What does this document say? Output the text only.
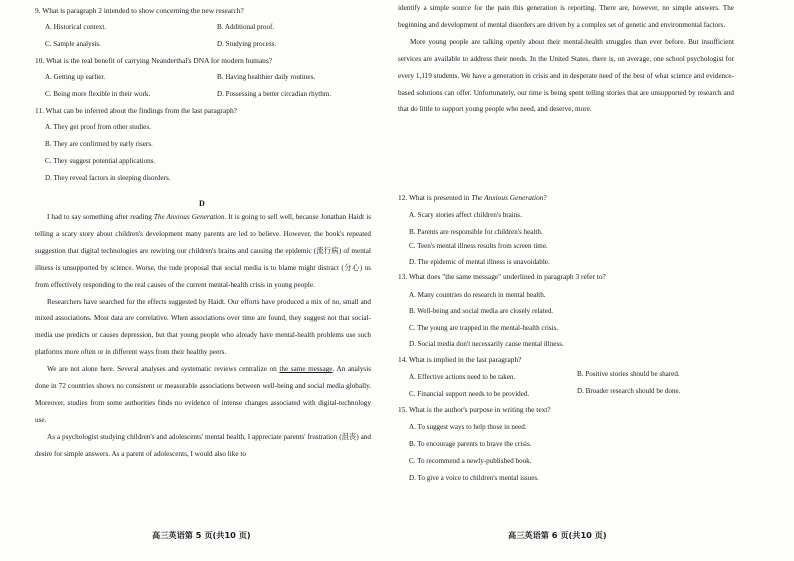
9. What is paragraph 2 intended to show concerning the new research?
A. Historical context.	B. Additional proof.
C. Sample analysis.	D. Studying process.
10. What is the real benefit of carrying Neanderthal's DNA for modern humans?
A. Getting up earlier.	B. Having healthier daily routines.
C. Being more flexible in their work.	D. Possessing a better circadian rhythm.
11. What can be inferred about the findings from the last paragraph?
A. They get proof from other studies.
B. They are confirmed by early risers.
C. They suggest potential applications.
D. They reveal factors in sleeping disorders.
D

I had to say something after reading The Anxious Generation. It is going to sell well, because Jonathan Haidt is telling a scary story about children's development many parents are led to believe. However, the book's repeated suggestion that digital technologies are rewiring our children's brains and causing the epidemic (流行病) of mental illness is unsupported by science. Worse, the rude proposal that social media is to blame might distract (分心) us from effectively responding to the real causes of the current mental-health crisis in young people.

Researchers have searched for the effects suggested by Haidt. Our efforts have produced a mix of no, small and mixed associations. Most data are correlative. When associations over time are found, they suggest not that social-media use predicts or causes depression, but that young people who already have mental-health problems use such platforms more often or in different ways from their healthy peers.

We are not alone here. Several analyses and systematic reviews centralize on the same message. An analysis done in 72 countries shows no consistent or measurable associations between well-being and social media globally. Moreover, studies from some authorities finds no evidence of intense changes associated with digital-technology use.

As a psychologist studying children's and adolescents' mental health, I appreciate parents' frustration (沮丧) and desire for simple answers. As a parent of adolescents, I would also like to

高三英语第 5 页(共10 页)

identify a simple source for the pain this generation is reporting. There are, however, no simple answers. The beginning and development of mental disorders are driven by a complex set of genetic and environmental factors.

More young people are talking openly about their mental-health struggles than ever before. But insufficient services are available to address their needs. In the United States, there is, on average, one school psychologist for every 1,119 students. We have a generation in crisis and in desperate need of the best of what science and evidence-based solutions can offer. Unfortunately, our time is being spent telling stories that are unsupported by research and that do little to support young people who need, and deserve, more.

12. What is presented in The Anxious Generation?
A. Scary stories affect children's brains.
B. Parents are responsible for children's health.
C. Teen's mental illness results from screen time.
D. The epidemic of mental illness is unavoidable.
13. What does "the same message" underlined in paragraph 3 refer to?
A. Many countries do research in mental health.
B. Well-being and social media are closely related.
C. The young are trapped in the mental-health crisis.
D. Social media don't necessarily cause mental illness.
14. What is implied in the last paragraph?
A. Effective actions need to be taken.	B. Positive stories should be shared.
C. Financial support needs to be provided.	D. Broader research should be done.
15. What is the author's purpose in writing the text?
A. To suggest ways to help those in need.
B. To encourage parents to brave the crisis.
C. To recommend a newly-published book.
D. To give a voice to children's mental issues.
高三英语第 6 页(共10 页)
